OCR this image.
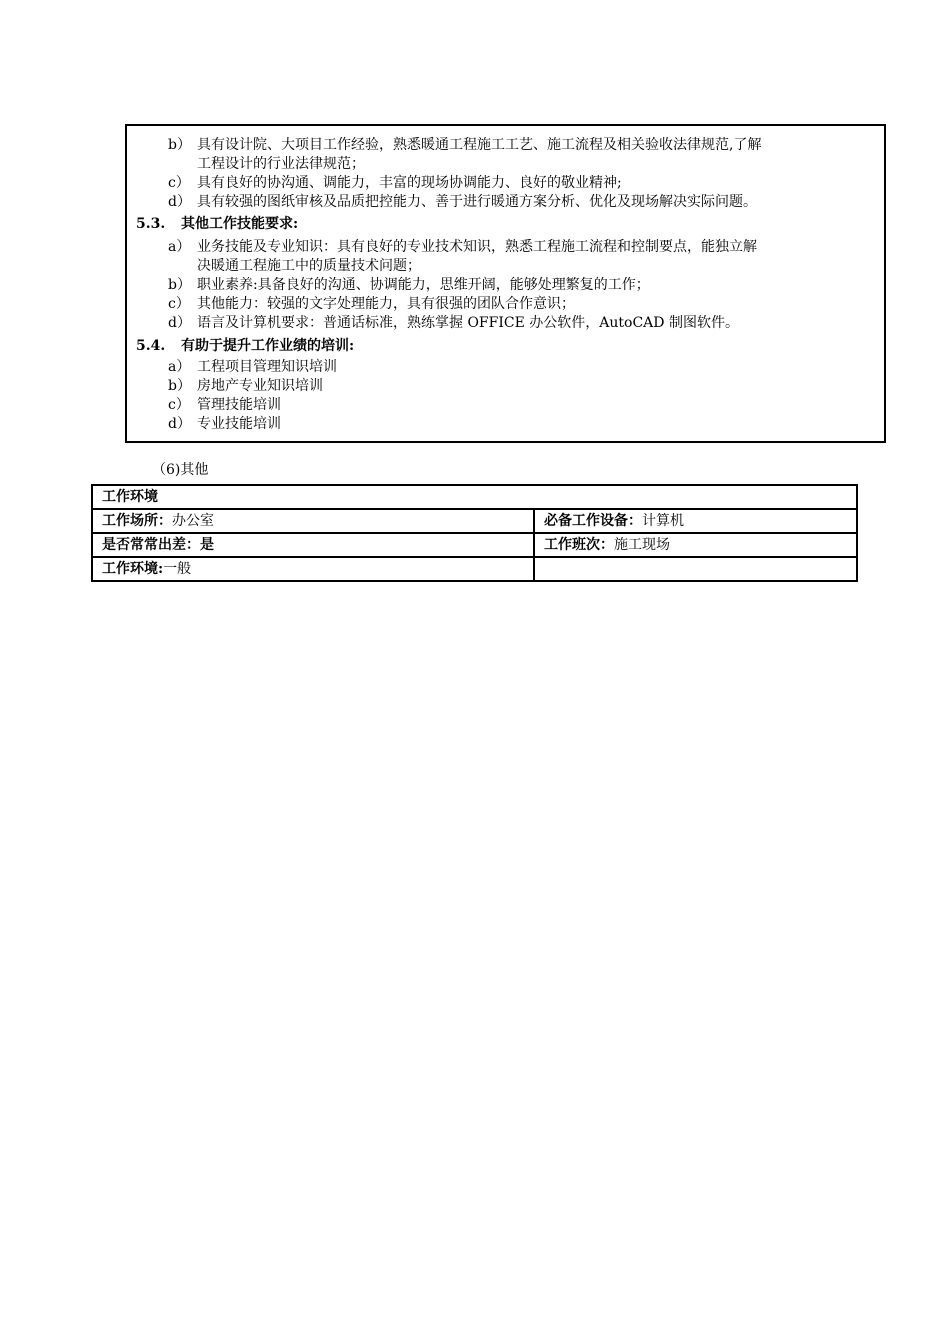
b） 具有设计院、大项目工作经验，熟悉暖通工程施工工艺、施工流程及相关验收法律规范,了解
工程设计的行业法律规范；
c） 具有良好的协沟通、调能力，丰富的现场协调能力、良好的敬业精神;
d） 具有较强的图纸审核及品质把控能力、善于进行暖通方案分析、优化及现场解决实际问题。
5.3. 其他工作技能要求:
a） 业务技能及专业知识：具有良好的专业技术知识，熟悉工程施工流程和控制要点，能独立解
决暖通工程施工中的质量技术问题；
b） 职业素养:具备良好的沟通、协调能力，思维开阔，能够处理繁复的工作；
c） 其他能力：较强的文字处理能力，具有很强的团队合作意识；
d） 语言及计算机要求：普通话标准，熟练掌握 OFFICE 办公软件，AutoCAD 制图软件。
5.4. 有助于提升工作业绩的培训:
a） 工程项目管理知识培训
b） 房地产专业知识培训
c） 管理技能培训
d） 专业技能培训
（6)其他
工作环境	
工作场所：办公室	必备工作设备：计算机
是否常常出差：是	工作班次：施工现场
工作环境:一般	
